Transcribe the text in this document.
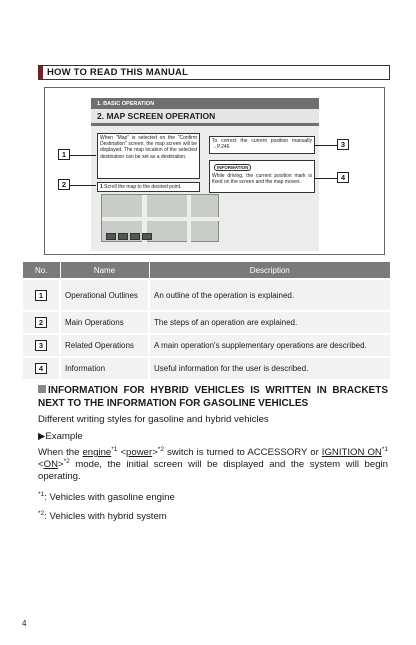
HOW TO READ THIS MANUAL
1. BASIC OPERATION
2. MAP SCREEN OPERATION
When "Map" is selected on the "Confirm Destination" screen, the map screen will be displayed. The map location of the selected destination can be set as a destination.
1 Scroll the map to the desired point.
To correct the current position manually →P.246
INFORMATION
While driving, the current position mark is fixed on the screen and the map moves.
1
2
3
4
No.	Name	Description

1	Operational Outlines	An outline of the operation is explained.

2	Main Operations	The steps of an operation are explained.

3	Related Operations	A main operation's supplementary operations are described.

4	Information	Useful information for the user is described.
INFORMATION FOR HYBRID VEHICLES IS WRITTEN IN BRACKETS NEXT TO THE INFORMATION FOR GASOLINE VEHICLES
Different writing styles for gasoline and hybrid vehicles
▶Example
When the engine$^{*1}$ <power>$^{*2}$ switch is turned to ACCESSORY or IGNITION $ON^{*1} <ON>^{*2}$ mode, the initial screen will be displayed and the system will begin operating.
$^{*1}$: Vehicles with gasoline engine
$^{*2}$: Vehicles with hybrid system
4
